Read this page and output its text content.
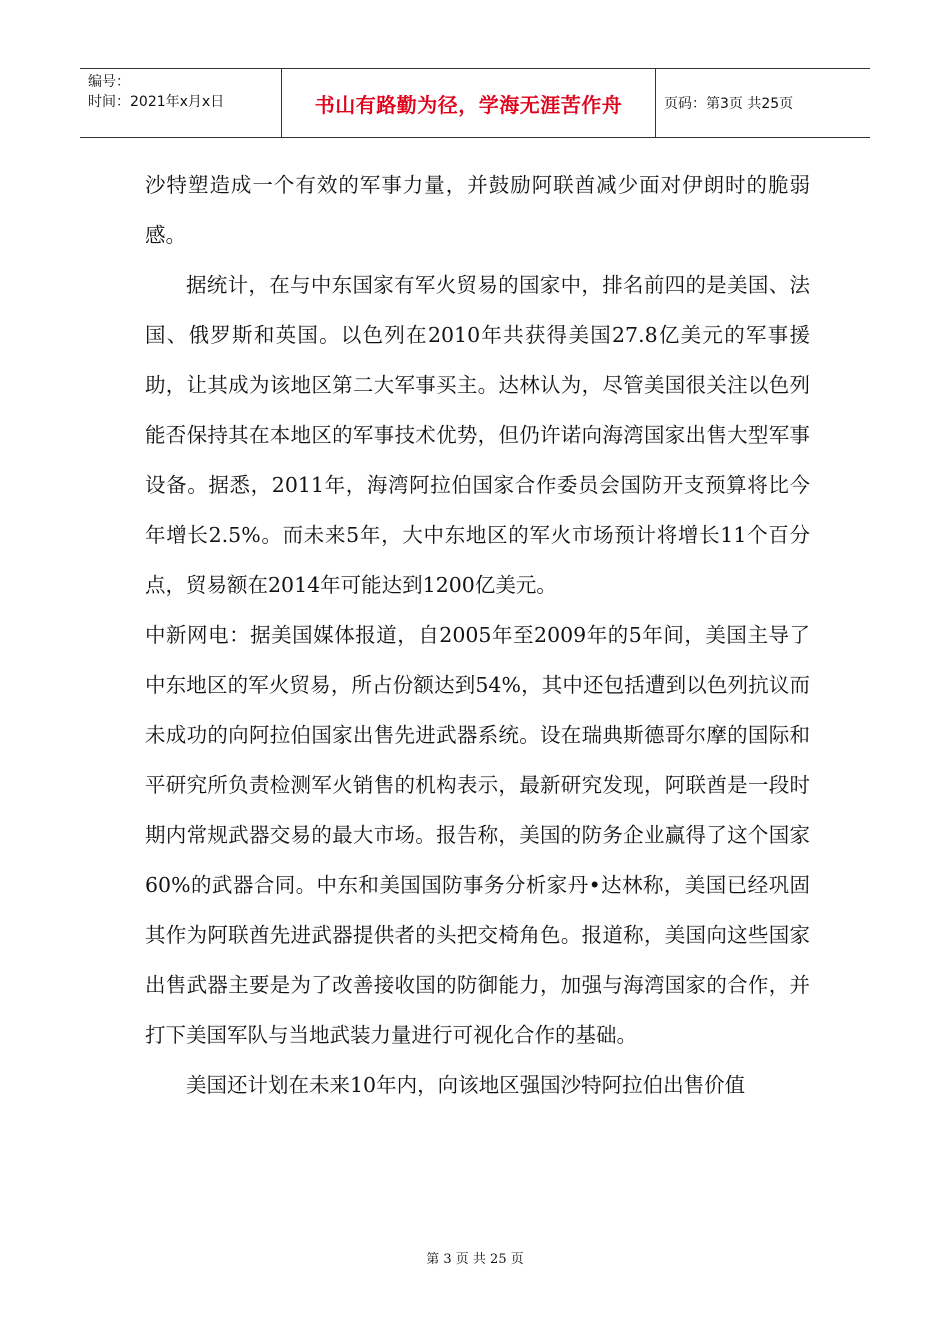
编号：
时间：2021年x月x日	书山有路勤为径，学海无涯苦作舟	页码：第3页 共25页

沙特塑造成一个有效的军事力量，并鼓励阿联酋减少面对伊朗时的脆弱感。

据统计，在与中东国家有军火贸易的国家中，排名前四的是美国、法国、俄罗斯和英国。以色列在2010年共获得美国27.8亿美元的军事援助，让其成为该地区第二大军事买主。达林认为，尽管美国很关注以色列能否保持其在本地区的军事技术优势，但仍许诺向海湾国家出售大型军事设备。据悉，2011年，海湾阿拉伯国家合作委员会国防开支预算将比今年增长2.5%。而未来5年，大中东地区的军火市场预计将增长11个百分点，贸易额在2014年可能达到1200亿美元。

中新网电：据美国媒体报道，自2005年至2009年的5年间，美国主导了中东地区的军火贸易，所占份额达到54%，其中还包括遭到以色列抗议而未成功的向阿拉伯国家出售先进武器系统。设在瑞典斯德哥尔摩的国际和平研究所负责检测军火销售的机构表示，最新研究发现，阿联酋是一段时期内常规武器交易的最大市场。报告称，美国的防务企业赢得了这个国家60%的武器合同。中东和美国国防事务分析家丹•达林称，美国已经巩固其作为阿联酋先进武器提供者的头把交椅角色。报道称，美国向这些国家出售武器主要是为了改善接收国的防御能力，加强与海湾国家的合作，并打下美国军队与当地武装力量进行可视化合作的基础。

美国还计划在未来10年内，向该地区强国沙特阿拉伯出售价值

第 3 页 共 25 页
